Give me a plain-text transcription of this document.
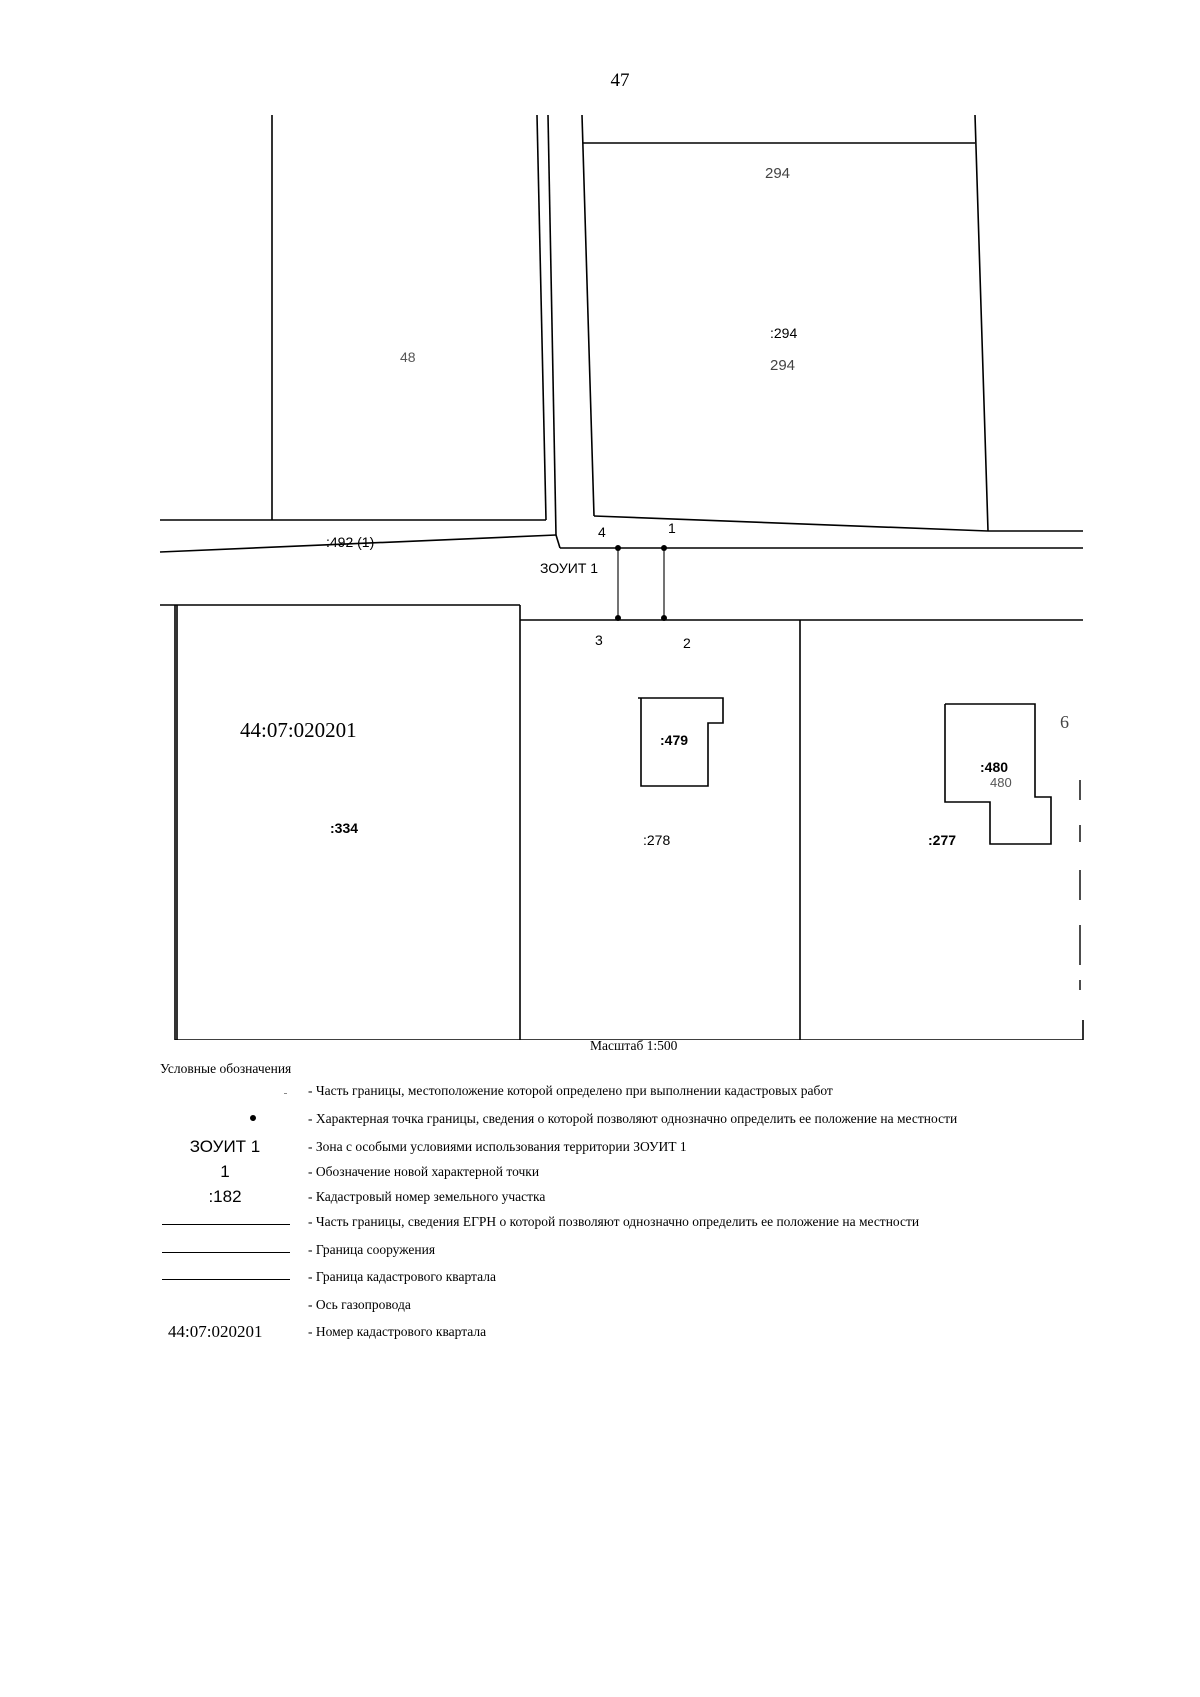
47
48
294
:294
294
:492 (1)
ЗОУИТ 1
4	1
3	2
:479
:480
480
:334
:278	:277
6
44:07:020201
Масштаб 1:500
Условные обозначения
- Часть границы, местоположение которой определено при выполнении кадастровых работ
- Характерная точка границы, сведения о которой позволяют однозначно определить ее положение на местности
ЗОУИТ 1	- Зона с особыми условиями использования территории ЗОУИТ 1
1	- Обозначение новой характерной точки
:182	- Кадастровый номер земельного участка
- Часть границы, сведения ЕГРН о которой позволяют однозначно определить ее положение на местности
- Граница сооружения
- Граница кадастрового квартала
- Ось газопровода
44:07:020201	- Номер кадастрового квартала
